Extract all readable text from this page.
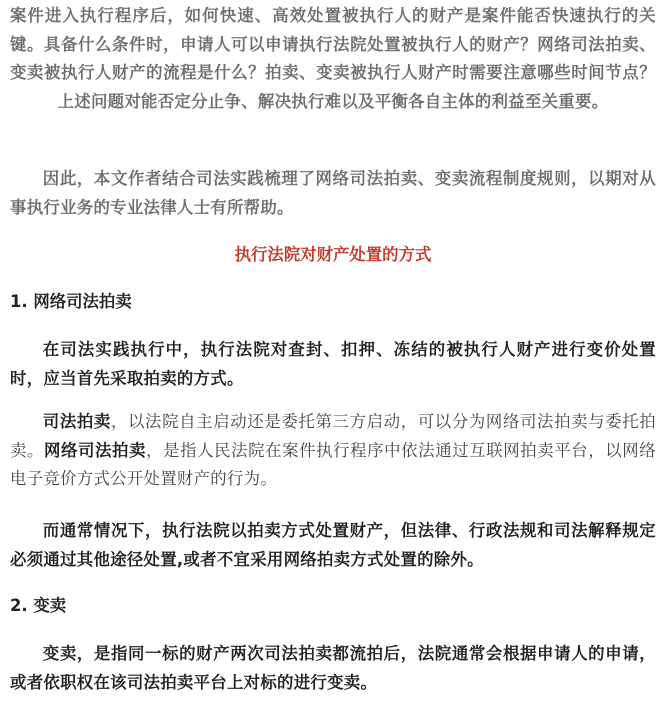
案件进入执行程序后，如何快速、高效处置被执行人的财产是案件能否快速执行的关键。具备什么条件时，申请人可以申请执行法院处置被执行人的财产？网络司法拍卖、变卖被执行人财产的流程是什么？拍卖、变卖被执行人财产时需要注意哪些时间节点？上述问题对能否定分止争、解决执行难以及平衡各自主体的利益至关重要。

因此，本文作者结合司法实践梳理了网络司法拍卖、变卖流程制度规则，以期对从事执行业务的专业法律人士有所帮助。

执行法院对财产处置的方式

1. 网络司法拍卖

在司法实践执行中，执行法院对查封、扣押、冻结的被执行人财产进行变价处置时，应当首先采取拍卖的方式。

司法拍卖，以法院自主启动还是委托第三方启动，可以分为网络司法拍卖与委托拍卖。网络司法拍卖，是指人民法院在案件执行程序中依法通过互联网拍卖平台，以网络电子竞价方式公开处置财产的行为。

而通常情况下，执行法院以拍卖方式处置财产，但法律、行政法规和司法解释规定必须通过其他途径处置,或者不宜采用网络拍卖方式处置的除外。

2. 变卖

变卖，是指同一标的财产两次司法拍卖都流拍后，法院通常会根据申请人的申请，或者依职权在该司法拍卖平台上对标的进行变卖。
